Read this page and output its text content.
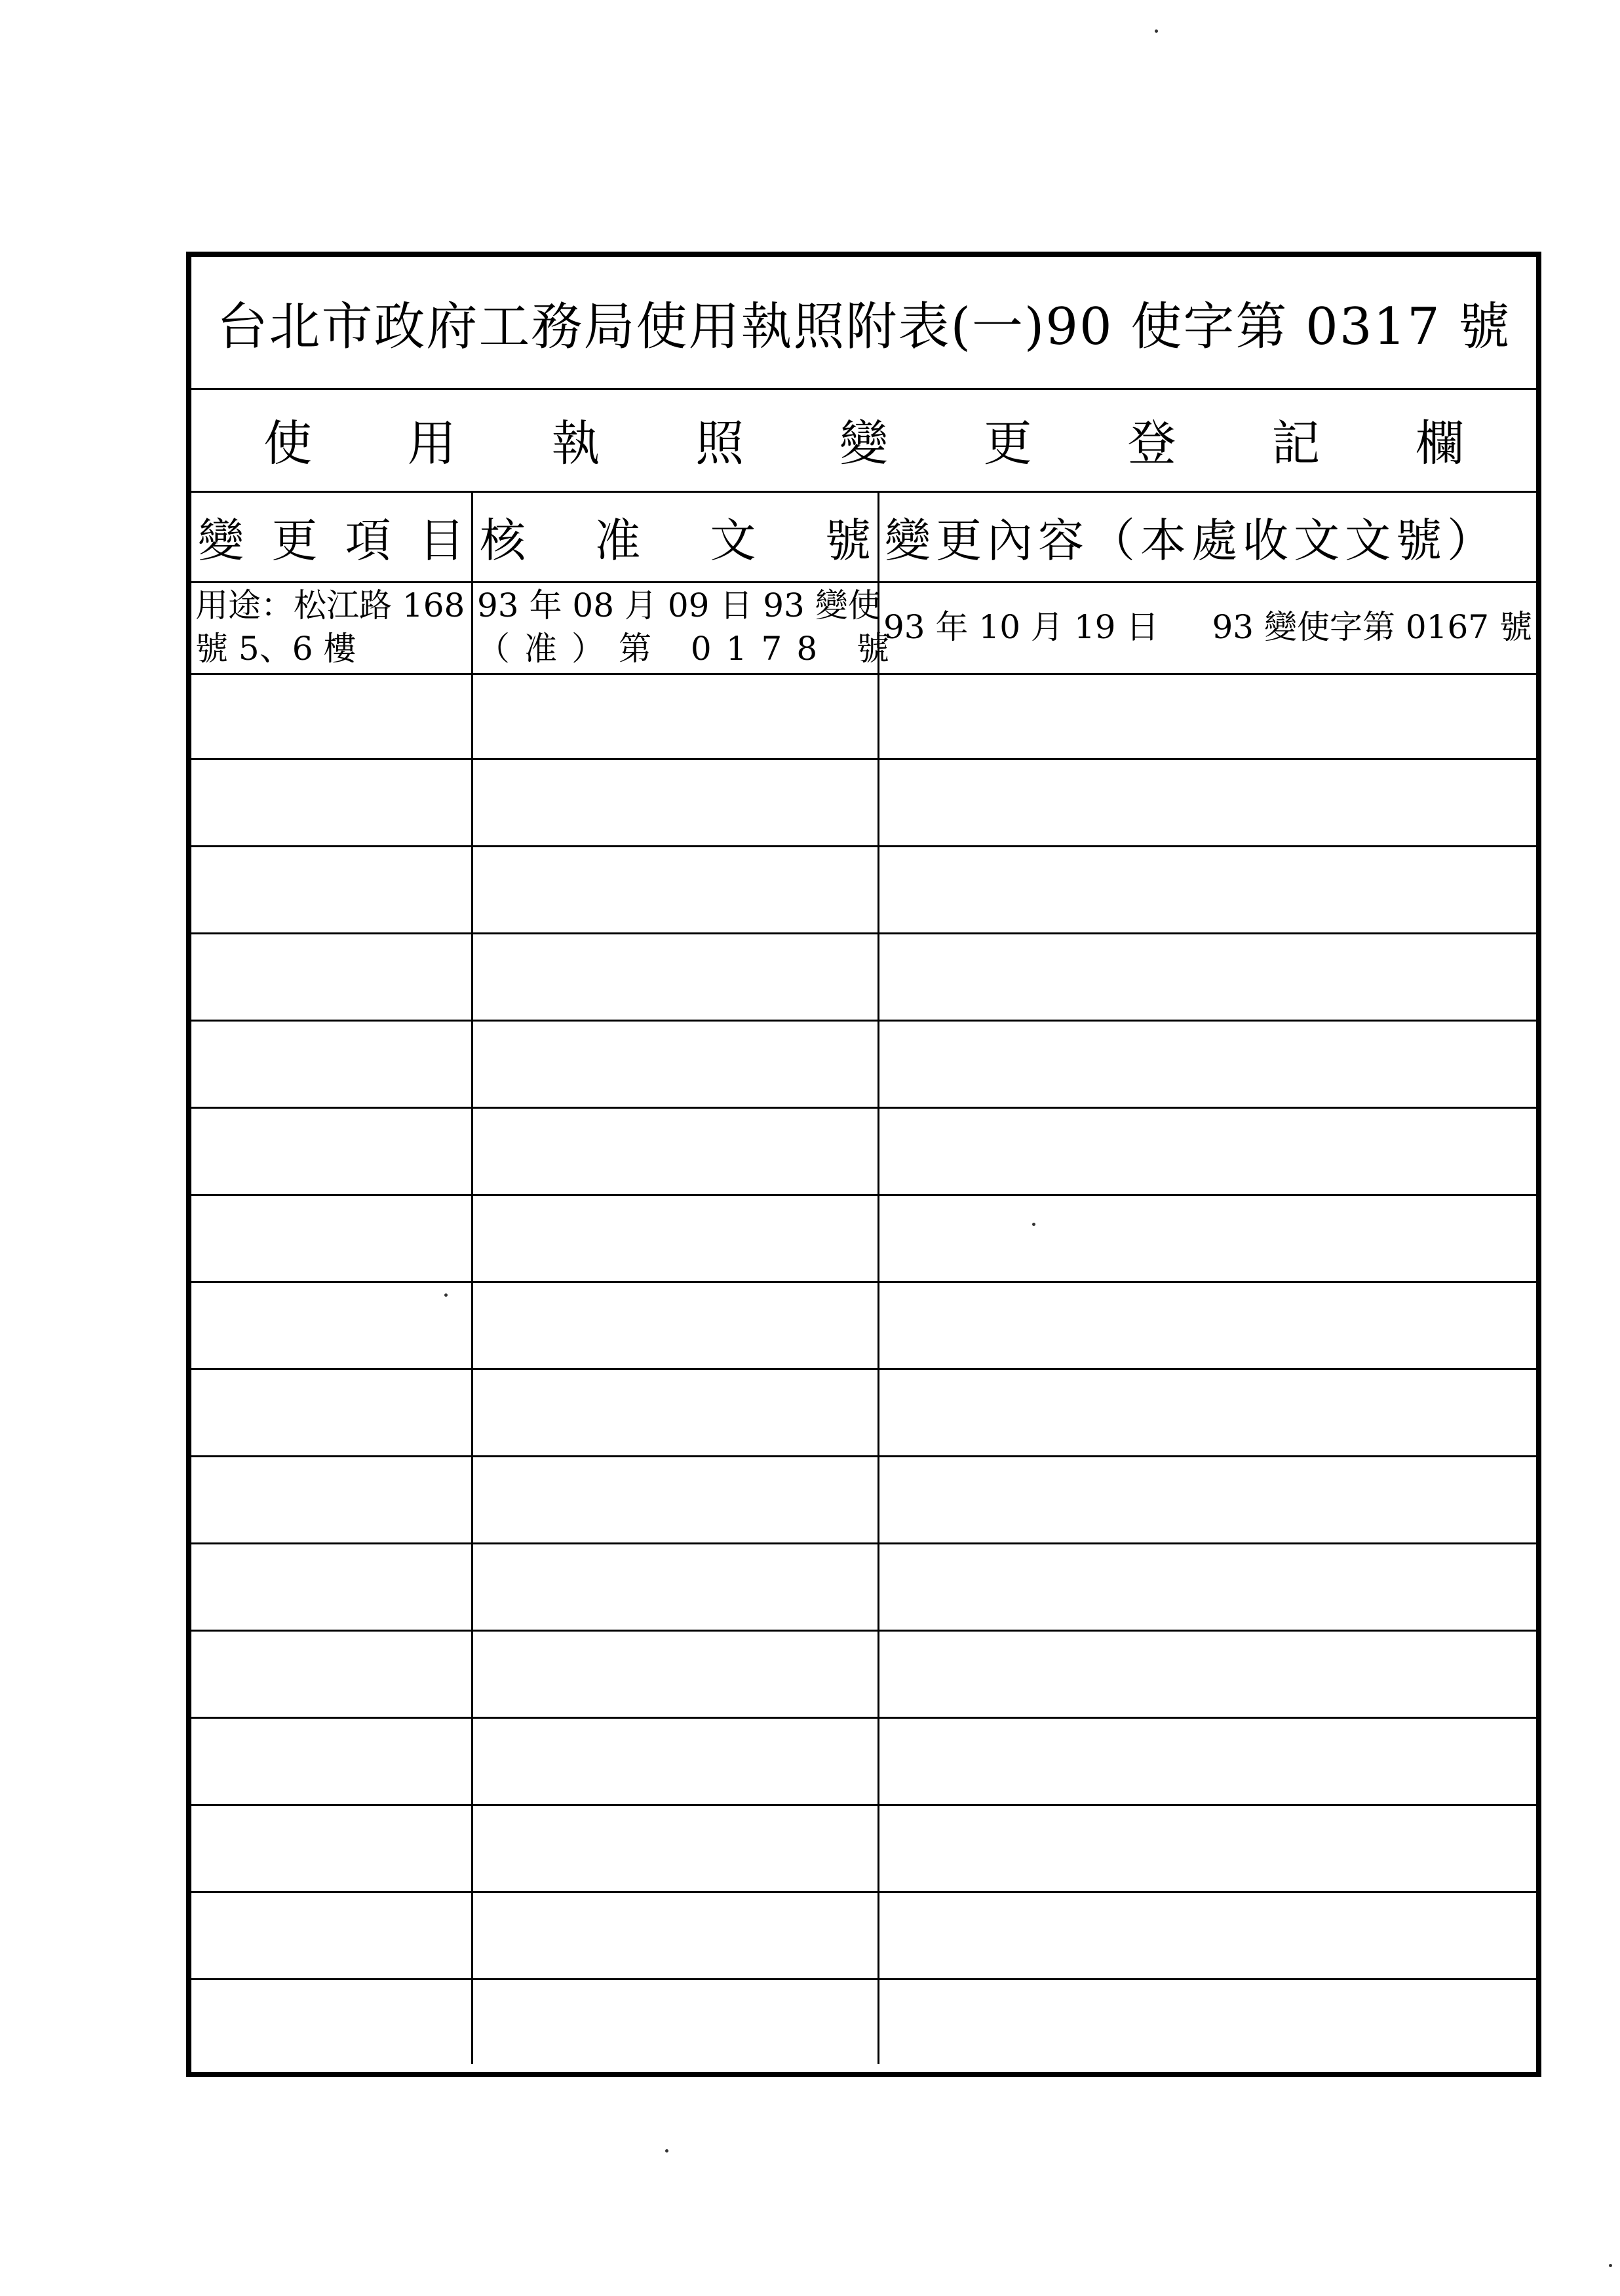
台北市政府工務局使用執照附表(一)90 使字第 0317 號
使 用 執 照 變 更 登 記 欄
變 更 項 目 核 准 文 號 變更內容（本處收文文號）
用途：松江路 168
號 5、6 樓
93 年 08 月 09 日 93 變使
（准）第 0178 號
93 年 10 月 19 日 93 變使字第 0167 號
